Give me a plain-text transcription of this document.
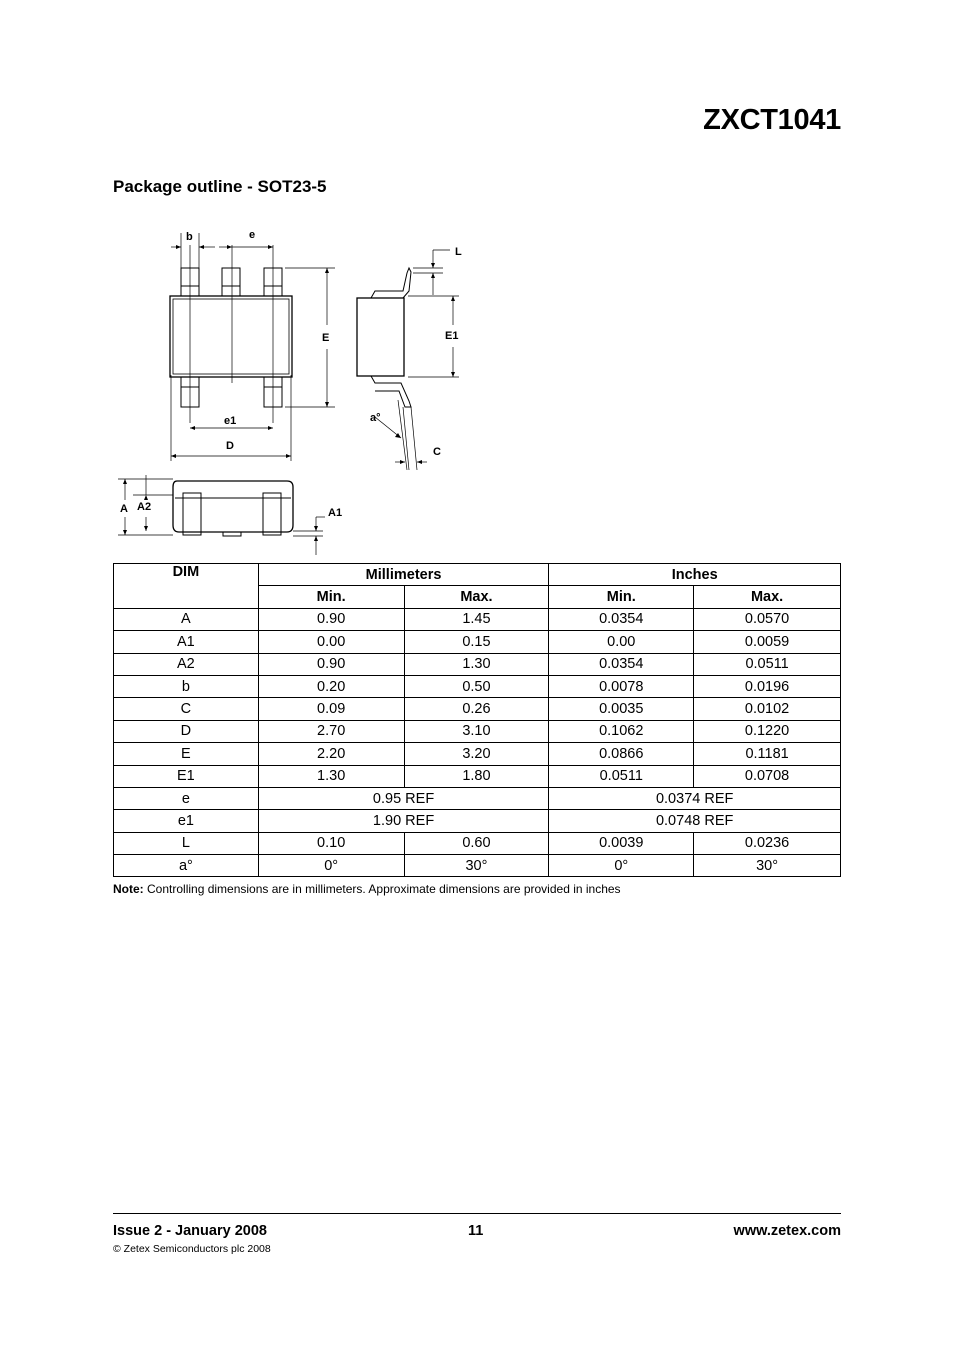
ZXCT1041
Package outline - SOT23-5
b	e
E
e1
D
L
E1
a°
C
A A2	A1
DIM	Millimeters		Inches	
	Min.	Max.	Min.	Max.
A	0.90	1.45	0.0354	0.0570
A1	0.00	0.15	0.00	0.0059
A2	0.90	1.30	0.0354	0.0511
b	0.20	0.50	0.0078	0.0196
C	0.09	0.26	0.0035	0.0102
D	2.70	3.10	0.1062	0.1220
E	2.20	3.20	0.0866	0.1181
E1	1.30	1.80	0.0511	0.0708
e	0.95 REF		0.0374 REF	
e1	1.90 REF		0.0748 REF	
L	0.10	0.60	0.0039	0.0236
a°	0°	30°	0°	30°
Note: Controlling dimensions are in millimeters. Approximate dimensions are provided in inches
Issue 2 - January 2008	11	www.zetex.com
© Zetex Semiconductors plc 2008
